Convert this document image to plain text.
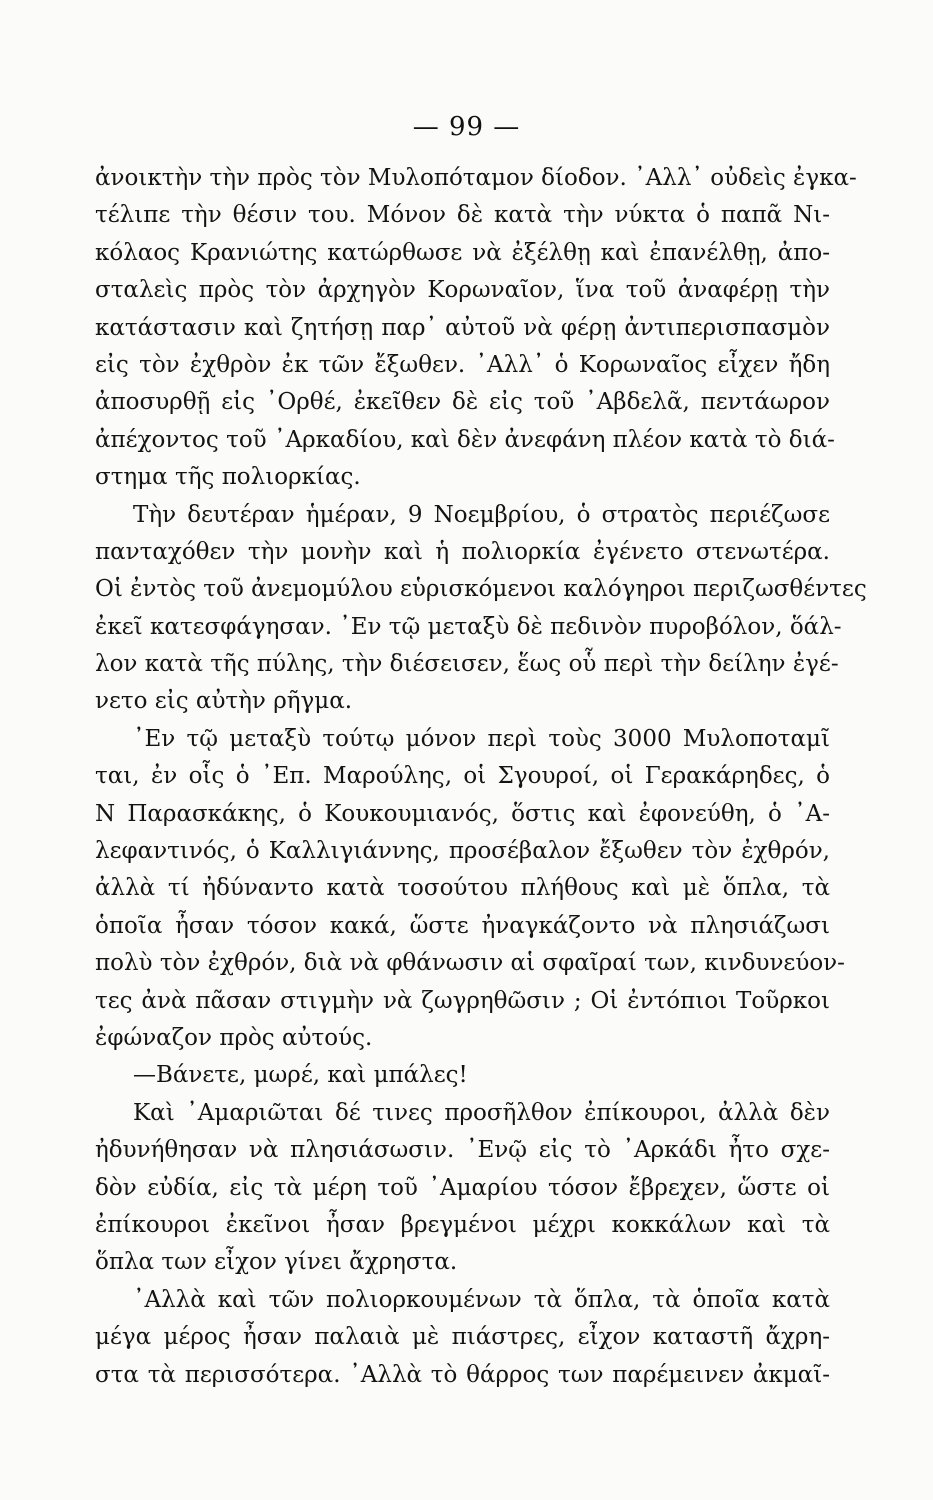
— 99 —
ἀνοικτὴν τὴν πρὸς τὸν Μυλοπόταμον δίοδον. ᾿Αλλ᾿ οὐδεὶς ἐγκα-
τέλιπε τὴν θέσιν του. Μόνον δὲ κατὰ τὴν νύκτα ὁ παπᾶ Νι-
κόλαος Κρανιώτης κατώρθωσε νὰ ἐξέλθῃ καὶ ἐπανέλθῃ, ἀπο-
σταλεὶς πρὸς τὸν ἀρχηγὸν Κορωναῖον, ἵνα τοῦ ἀναφέρῃ τὴν
κατάστασιν καὶ ζητήσῃ παρ᾿ αὐτοῦ νὰ φέρῃ ἀντιπερισπασμὸν
εἰς τὸν ἐχθρὸν ἐκ τῶν ἔξωθεν. ᾿Αλλ᾿ ὁ Κορωναῖος εἶχεν ἤδη
ἀποσυρθῇ εἰς ᾿Ορθέ, ἐκεῖθεν δὲ εἰς τοῦ ᾿Αβδελᾶ, πεντάωρον
ἀπέχοντος τοῦ ᾿Αρκαδίου, καὶ δὲν ἀνεφάνη πλέον κατὰ τὸ διά-
στημα τῆς πολιορκίας.
Τὴν δευτέραν ἡμέραν, 9 Νοεμβρίου, ὁ στρατὸς περιέζωσε
πανταχόθεν τὴν μονὴν καὶ ἡ πολιορκία ἐγένετο στενωτέρα.
Οἱ ἐντὸς τοῦ ἀνεμομύλου εὑρισκόμενοι καλόγηροι περιζωσθέντες
ἐκεῖ κατεσφάγησαν. ᾿Εν τῷ μεταξὺ δὲ πεδινὸν πυροβόλον, ὅάλ-
λον κατὰ τῆς πύλης, τὴν διέσεισεν, ἕως οὗ περὶ τὴν δείλην ἐγέ-
νετο εἰς αὐτὴν ρῆγμα.
᾿Εν τῷ μεταξὺ τούτῳ μόνον περὶ τοὺς 3000 Μυλοποταμῖ
ται, ἐν οἷς ὁ ᾿Επ. Μαρούλης, οἱ Σγουροί, οἱ Γερακάρηδες, ὁ
Ν Παρασκάκης, ὁ Κουκουμιανός, ὅστις καὶ ἐφονεύθη, ὁ ᾿Α-
λεφαντινός, ὁ Καλλιγιάννης, προσέβαλον ἔξωθεν τὸν ἐχθρόν,
ἀλλὰ τί ἠδύναντο κατὰ τοσούτου πλήθους καὶ μὲ ὅπλα, τὰ
ὁποῖα ἦσαν τόσον κακά, ὥστε ἠναγκάζοντο νὰ πλησιάζωσι
πολὺ τὸν ἐχθρόν, διὰ νὰ φθάνωσιν αἱ σφαῖραί των, κινδυνεύον-
τες ἀνὰ πᾶσαν στιγμὴν νὰ ζωγρηθῶσιν ; Οἱ ἐντόπιοι Τοῦρκοι
ἐφώναζον πρὸς αὐτούς.
—Βάνετε, μωρέ, καὶ μπάλες!
Καὶ ᾿Αμαριῶται δέ τινες προσῆλθον ἐπίκουροι, ἀλλὰ δὲν
ἠδυνήθησαν νὰ πλησιάσωσιν. ᾿Ενῷ εἰς τὸ ᾿Αρκάδι ἦτο σχε-
δὸν εὐδία, εἰς τὰ μέρη τοῦ ᾿Αμαρίου τόσον ἔβρεχεν, ὥστε οἱ
ἐπίκουροι ἐκεῖνοι ἦσαν βρεγμένοι μέχρι κοκκάλων καὶ τὰ
ὅπλα των εἶχον γίνει ἄχρηστα.
᾿Αλλὰ καὶ τῶν πολιορκουμένων τὰ ὅπλα, τὰ ὁποῖα κατὰ
μέγα μέρος ἦσαν παλαιὰ μὲ πιάστρες, εἶχον καταστῆ ἄχρη-
στα τὰ περισσότερα. ᾿Αλλὰ τὸ θάρρος των παρέμεινεν ἀκμαῖ-
